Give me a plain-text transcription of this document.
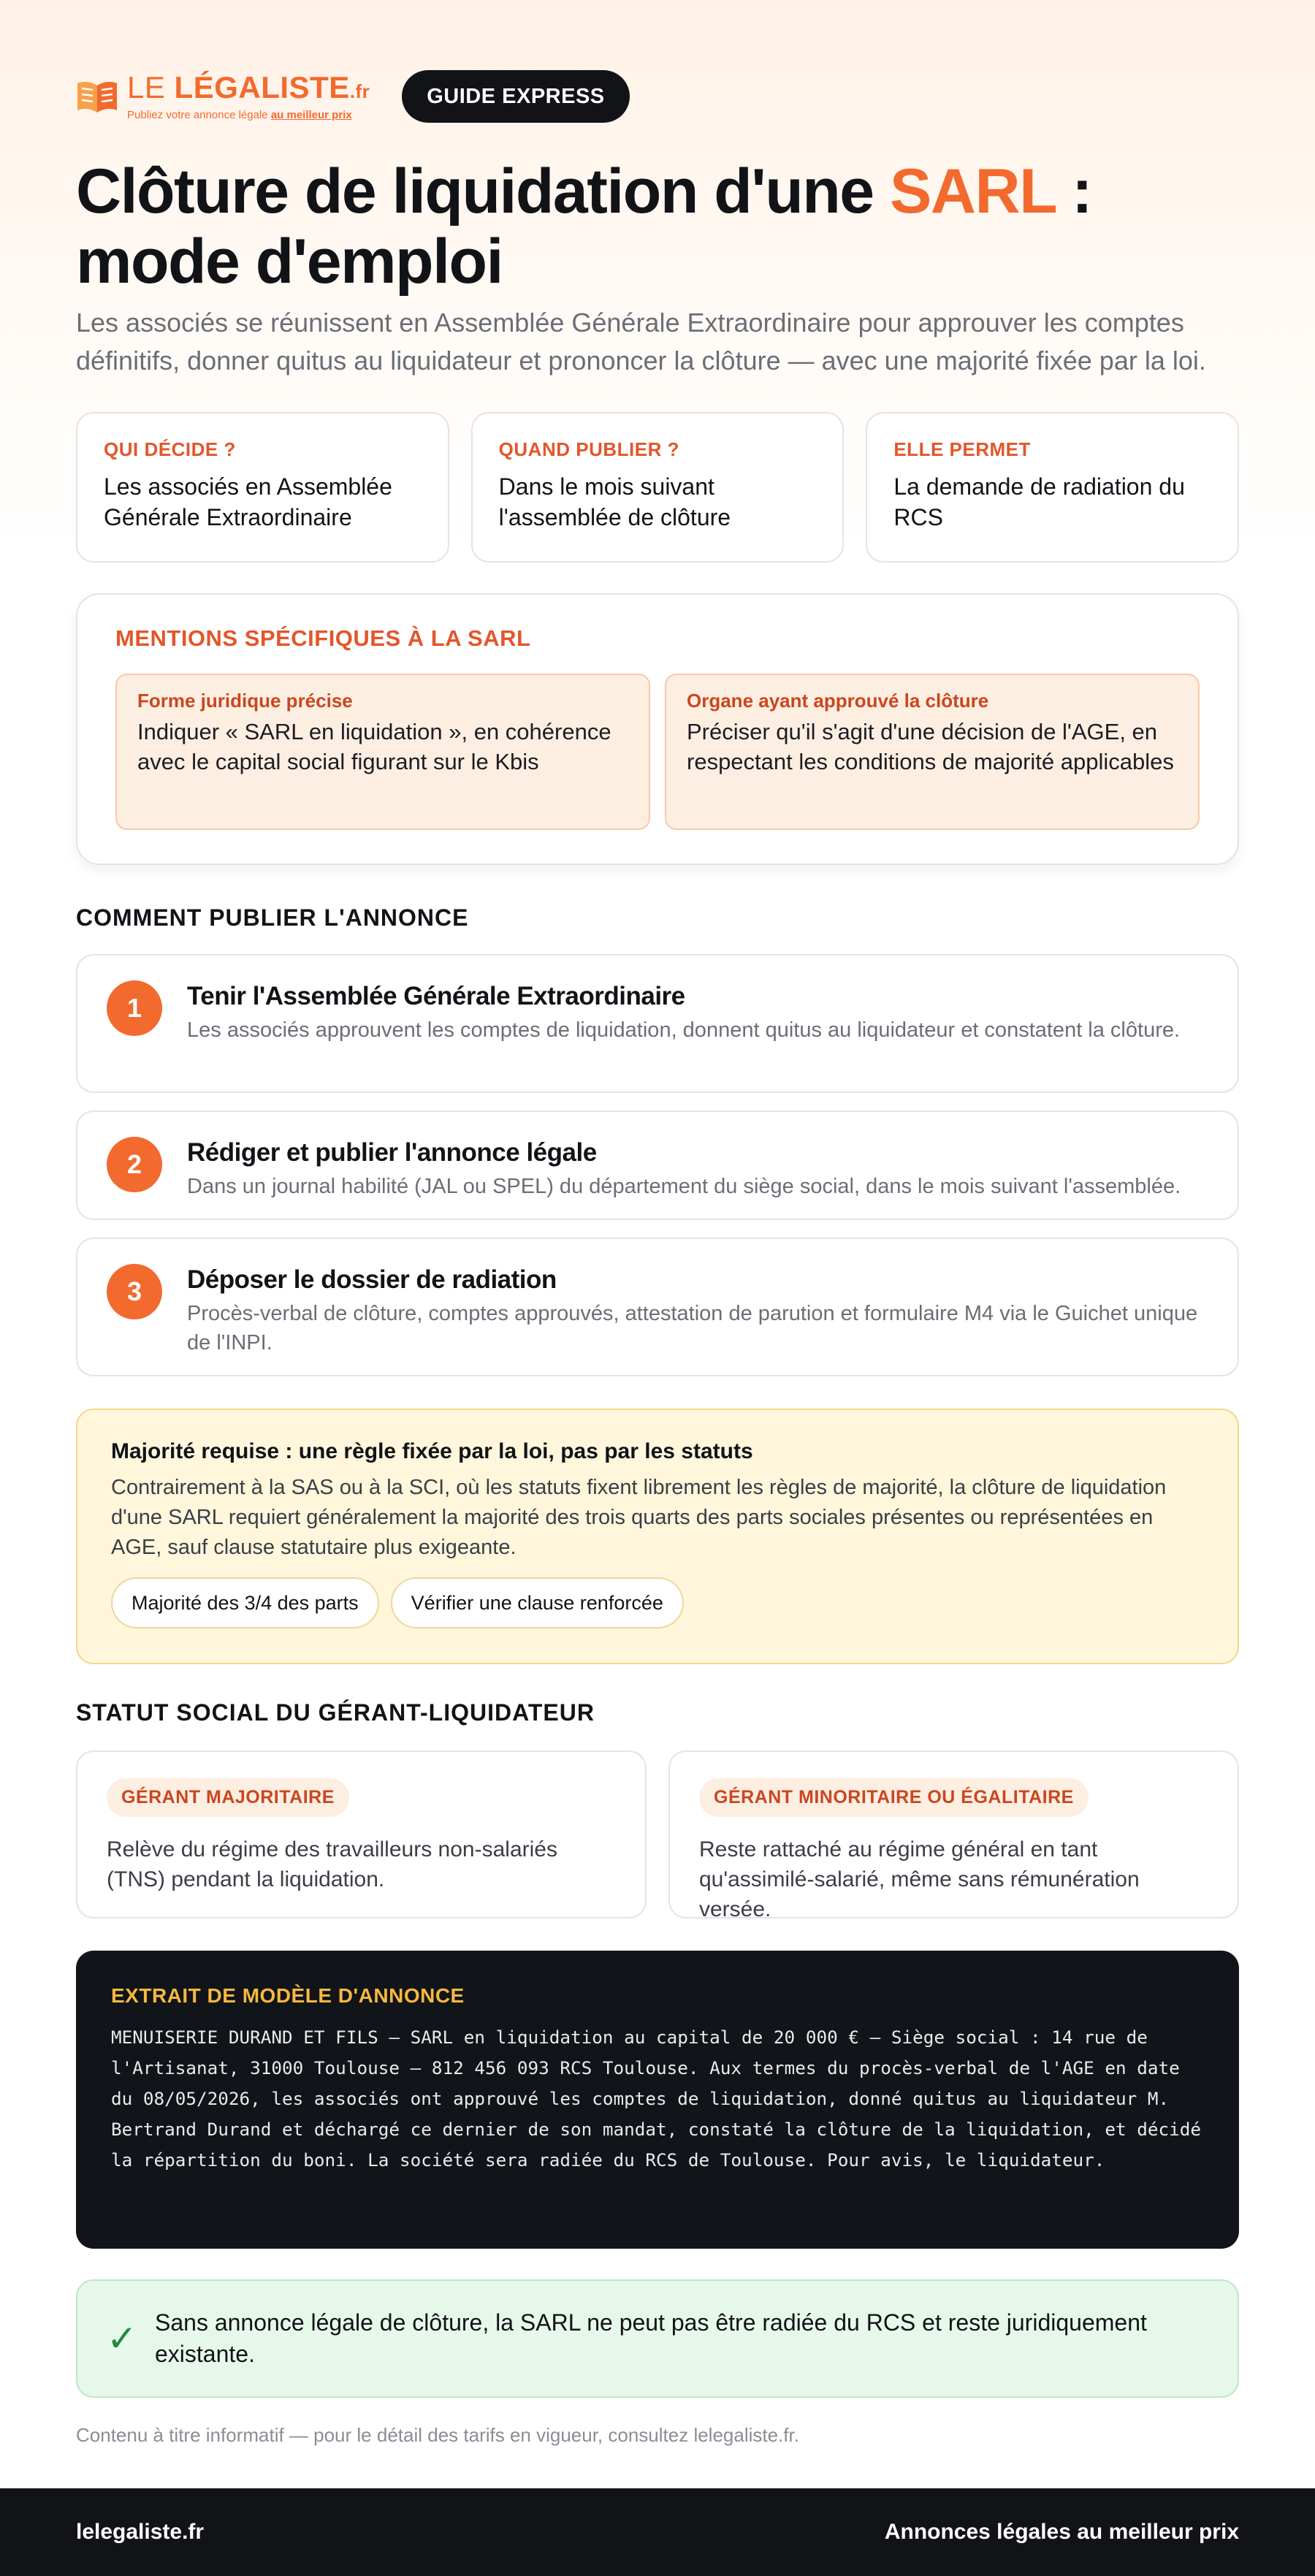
LE LÉGALISTE.fr
Publiez votre annonce légale au meilleur prix
GUIDE EXPRESS
Clôture de liquidation d'une SARL : mode d'emploi

Les associés se réunissent en Assemblée Générale Extraordinaire pour approuver les comptes définitifs, donner quitus au liquidateur et prononcer la clôture — avec une majorité fixée par la loi.

QUI DÉCIDE ?
Les associés en Assemblée Générale Extraordinaire
QUAND PUBLIER ?
Dans le mois suivant l'assemblée de clôture
ELLE PERMET
La demande de radiation du RCS
MENTIONS SPÉCIFIQUES À LA SARL
Forme juridique précise
Indiquer « SARL en liquidation », en cohérence avec le capital social figurant sur le Kbis
Organe ayant approuvé la clôture
Préciser qu'il s'agit d'une décision de l'AGE, en respectant les conditions de majorité applicables
COMMENT PUBLIER L'ANNONCE
1	Tenir l'Assemblée Générale Extraordinaire
Les associés approuvent les comptes de liquidation, donnent quitus au liquidateur et constatent la clôture.
2	Rédiger et publier l'annonce légale
Dans un journal habilité (JAL ou SPEL) du département du siège social, dans le mois suivant l'assemblée.
3	Déposer le dossier de radiation
Procès-verbal de clôture, comptes approuvés, attestation de parution et formulaire M4 via le Guichet unique de l'INPI.
Majorité requise : une règle fixée par la loi, pas par les statuts
Contrairement à la SAS ou à la SCI, où les statuts fixent librement les règles de majorité, la clôture de liquidation d'une SARL requiert généralement la majorité des trois quarts des parts sociales présentes ou représentées en AGE, sauf clause statutaire plus exigeante.
Majorité des 3/4 des parts	Vérifier une clause renforcée
STATUT SOCIAL DU GÉRANT-LIQUIDATEUR
GÉRANT MAJORITAIRE
Relève du régime des travailleurs non-salariés (TNS) pendant la liquidation.
GÉRANT MINORITAIRE OU ÉGALITAIRE
Reste rattaché au régime général en tant qu'assimilé-salarié, même sans rémunération versée.
EXTRAIT DE MODÈLE D'ANNONCE
MENUISERIE DURAND ET FILS — SARL en liquidation au capital de 20 000 € — Siège social : 14 rue de l'Artisanat, 31000 Toulouse — 812 456 093 RCS Toulouse. Aux termes du procès-verbal de l'AGE en date du 08/05/2026, les associés ont approuvé les comptes de liquidation, donné quitus au liquidateur M. Bertrand Durand et déchargé ce dernier de son mandat, constaté la clôture de la liquidation, et décidé la répartition du boni. La société sera radiée du RCS de Toulouse. Pour avis, le liquidateur.
✓ Sans annonce légale de clôture, la SARL ne peut pas être radiée du RCS et reste juridiquement existante.
Contenu à titre informatif — pour le détail des tarifs en vigueur, consultez lelegaliste.fr.
lelegaliste.fr	Annonces légales au meilleur prix
